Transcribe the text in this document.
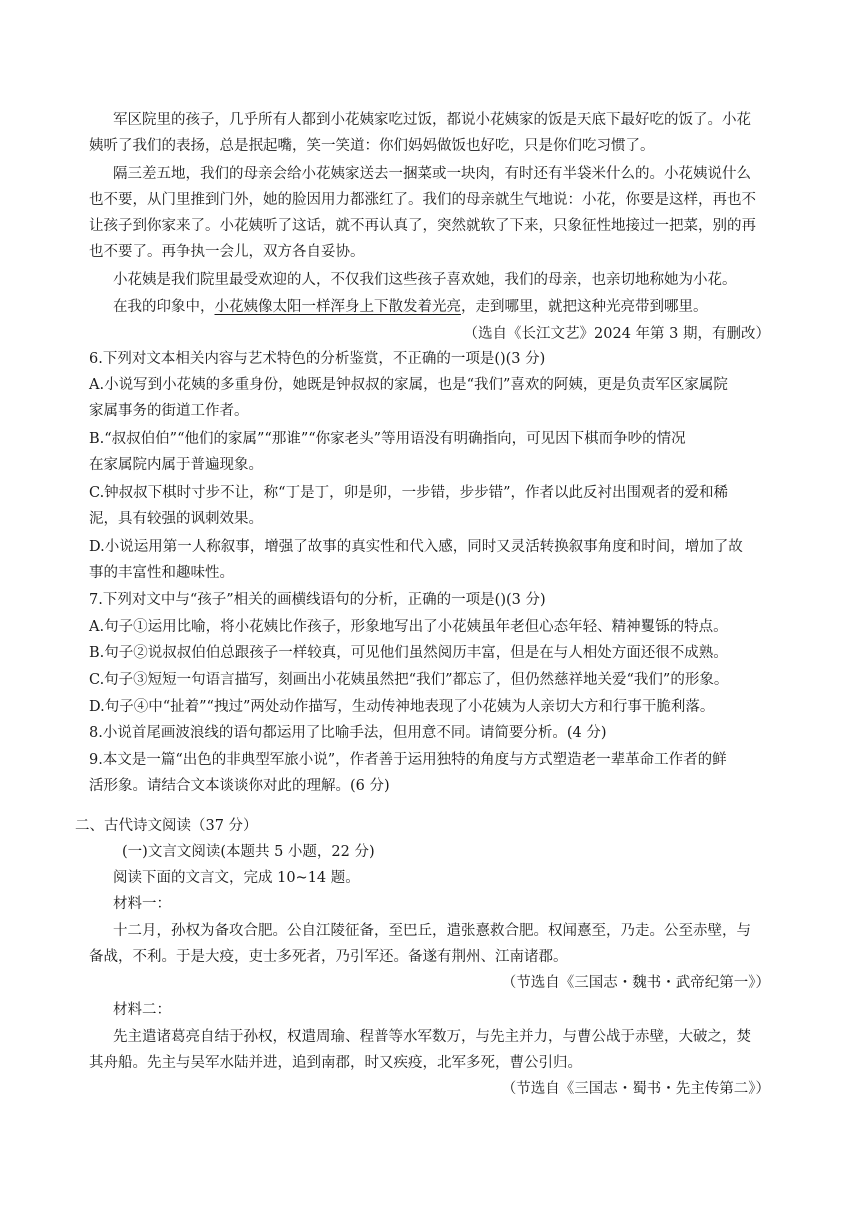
军区院里的孩子，几乎所有人都到小花姨家吃过饭，都说小花姨家的饭是天底下最好吃的饭了。小花
姨听了我们的表扬，总是抿起嘴，笑一笑道：你们妈妈做饭也好吃，只是你们吃习惯了。
隔三差五地，我们的母亲会给小花姨家送去一捆菜或一块肉，有时还有半袋米什么的。小花姨说什么
也不要，从门里推到门外，她的脸因用力都涨红了。我们的母亲就生气地说：小花，你要是这样，再也不
让孩子到你家来了。小花姨听了这话，就不再认真了，突然就软了下来，只象征性地接过一把菜，别的再
也不要了。再争执一会儿，双方各自妥协。
小花姨是我们院里最受欢迎的人，不仅我们这些孩子喜欢她，我们的母亲，也亲切地称她为小花。
在我的印象中，小花姨像太阳一样浑身上下散发着光亮，走到哪里，就把这种光亮带到哪里。
（选自《长江文艺》2024 年第 3 期，有删改）
6.下列对文本相关内容与艺术特色的分析鉴赏，不正确的一项是()(3 分)
A.小说写到小花姨的多重身份，她既是钟叔叔的家属，也是“我们”喜欢的阿姨，更是负责军区家属院
家属事务的街道工作者。
B.“叔叔伯伯”“他们的家属”“那谁”“你家老头”等用语没有明确指向，可见因下棋而争吵的情况
在家属院内属于普遍现象。
C.钟叔叔下棋时寸步不让，称“丁是丁，卯是卯，一步错，步步错”，作者以此反衬出围观者的爱和稀
泥，具有较强的讽刺效果。
D.小说运用第一人称叙事，增强了故事的真实性和代入感，同时又灵活转换叙事角度和时间，增加了故
事的丰富性和趣味性。
7.下列对文中与“孩子”相关的画横线语句的分析，正确的一项是()(3 分)
A.句子①运用比喻，将小花姨比作孩子，形象地写出了小花姨虽年老但心态年轻、精神矍铄的特点。
B.句子②说叔叔伯伯总跟孩子一样较真，可见他们虽然阅历丰富，但是在与人相处方面还很不成熟。
C.句子③短短一句语言描写，刻画出小花姨虽然把“我们”都忘了，但仍然慈祥地关爱“我们”的形象。
D.句子④中“扯着”“拽过”两处动作描写，生动传神地表现了小花姨为人亲切大方和行事干脆利落。
8.小说首尾画波浪线的语句都运用了比喻手法，但用意不同。请简要分析。(4 分)
9.本文是一篇“出色的非典型军旅小说”，作者善于运用独特的角度与方式塑造老一辈革命工作者的鲜
活形象。请结合文本谈谈你对此的理解。(6 分)
二、古代诗文阅读（37 分）
(一)文言文阅读(本题共 5 小题，22 分)
阅读下面的文言文，完成 10~14 题。
材料一：
十二月，孙权为备攻合肥。公自江陵征备，至巴丘，遣张憙救合肥。权闻憙至，乃走。公至赤壁，与
备战，不利。于是大疫，吏士多死者，乃引军还。备遂有荆州、江南诸郡。
（节选自《三国志・魏书・武帝纪第一》）
材料二：
先主遣诸葛亮自结于孙权，权遣周瑜、程普等水军数万，与先主并力，与曹公战于赤壁，大破之，焚
其舟船。先主与吴军水陆并进，追到南郡，时又疾疫，北军多死，曹公引归。
（节选自《三国志・蜀书・先主传第二》）
